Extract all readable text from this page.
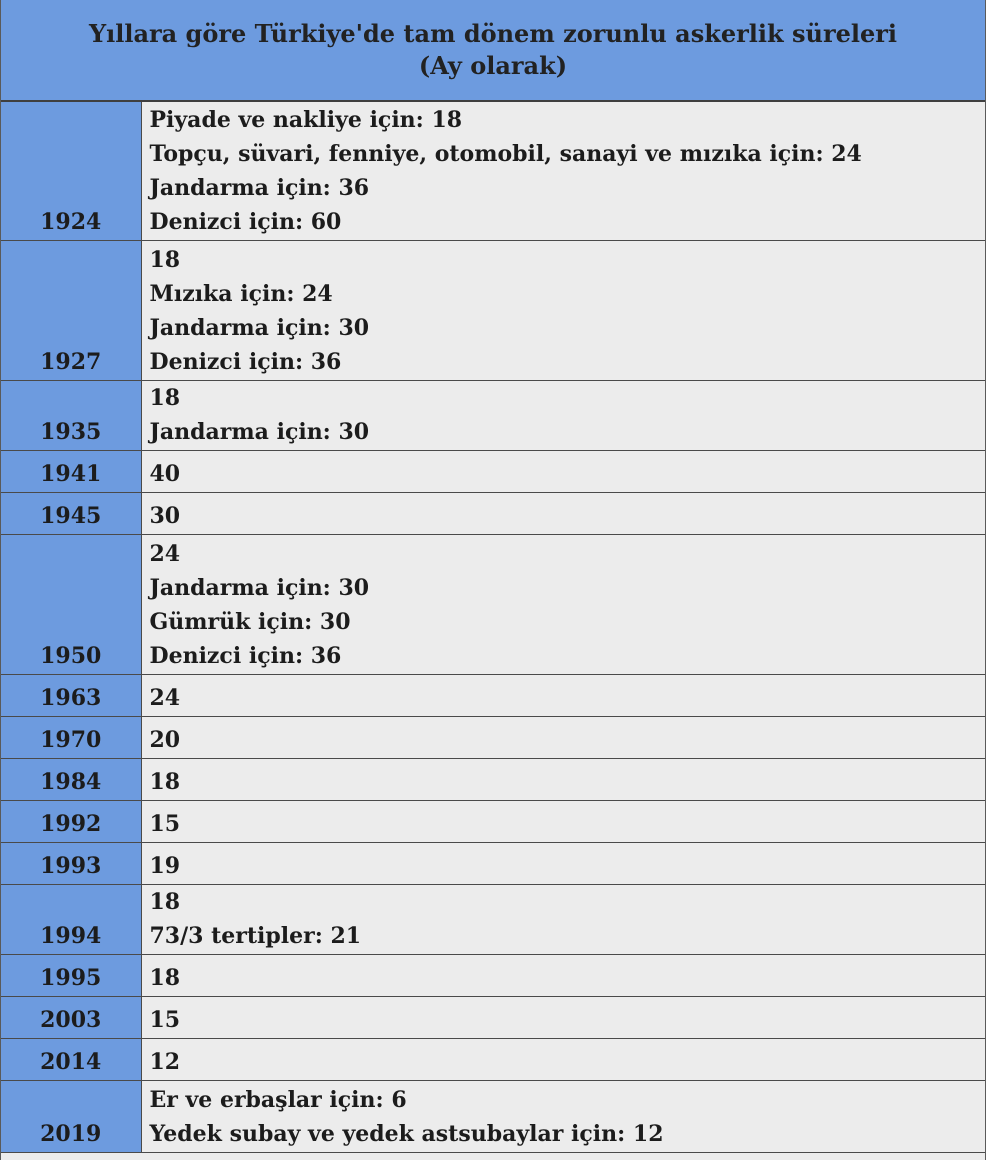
Yıllara göre Türkiye'de tam dönem zorunlu askerlik süreleri
(Ay olarak)
1924	Piyade ve nakliye için: 18
Topçu, süvari, fenniye, otomobil, sanayi ve mızıka için: 24
Jandarma için: 36
Denizci için: 60

1927	18
Mızıka için: 24
Jandarma için: 30
Denizci için: 36

1935	18
Jandarma için: 30

1941	40

1945	30

1950	24
Jandarma için: 30
Gümrük için: 30
Denizci için: 36

1963	24

1970	20

1984	18

1992	15

1993	19

1994	18
73/3 tertipler: 21

1995	18

2003	15

2014	12

2019	Er ve erbaşlar için: 6
Yedek subay ve yedek astsubaylar için: 12
